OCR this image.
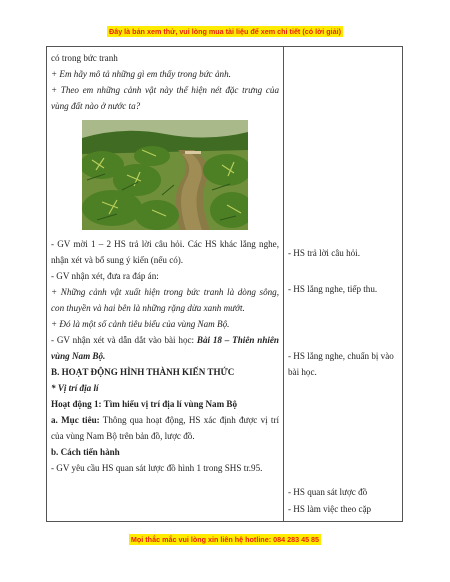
Đây là bản xem thử, vui lòng mua tài liệu để xem chi tiết (có lời giải)
có trong bức tranh
+ Em hãy mô tả những gì em thấy trong bức ảnh.
+ Theo em những cảnh vật này thể hiện nét đặc trưng của vùng đất nào ở nước ta?
- GV mời 1 – 2 HS trả lời câu hỏi. Các HS khác lắng nghe, nhận xét và bổ sung ý kiến (nếu có).
- GV nhận xét, đưa ra đáp án:
+ Những cảnh vật xuất hiện trong bức tranh là dòng sông, con thuyền và hai bên là những rặng dừa xanh mướt.
+ Đó là một số cảnh tiêu biểu của vùng Nam Bộ.
- GV nhận xét và dẫn dắt vào bài học: Bài 18 – Thiên nhiên vùng Nam Bộ.
B. HOẠT ĐỘNG HÌNH THÀNH KIẾN THỨC
* Vị trí địa lí
Hoạt động 1: Tìm hiểu vị trí địa lí vùng Nam Bộ
a. Mục tiêu: Thông qua hoạt động, HS xác định được vị trí của vùng Nam Bộ trên bản đồ, lược đồ.
b. Cách tiến hành
- GV yêu cầu HS quan sát lược đồ hình 1 trong SHS tr.95.
- HS trả lời câu hỏi.
- HS lắng nghe, tiếp thu.
- HS lắng nghe, chuẩn bị vào bài học.
- HS quan sát lược đồ
- HS làm việc theo cặp
Mọi thắc mắc vui lòng xin liên hệ hotline: 084 283 45 85
